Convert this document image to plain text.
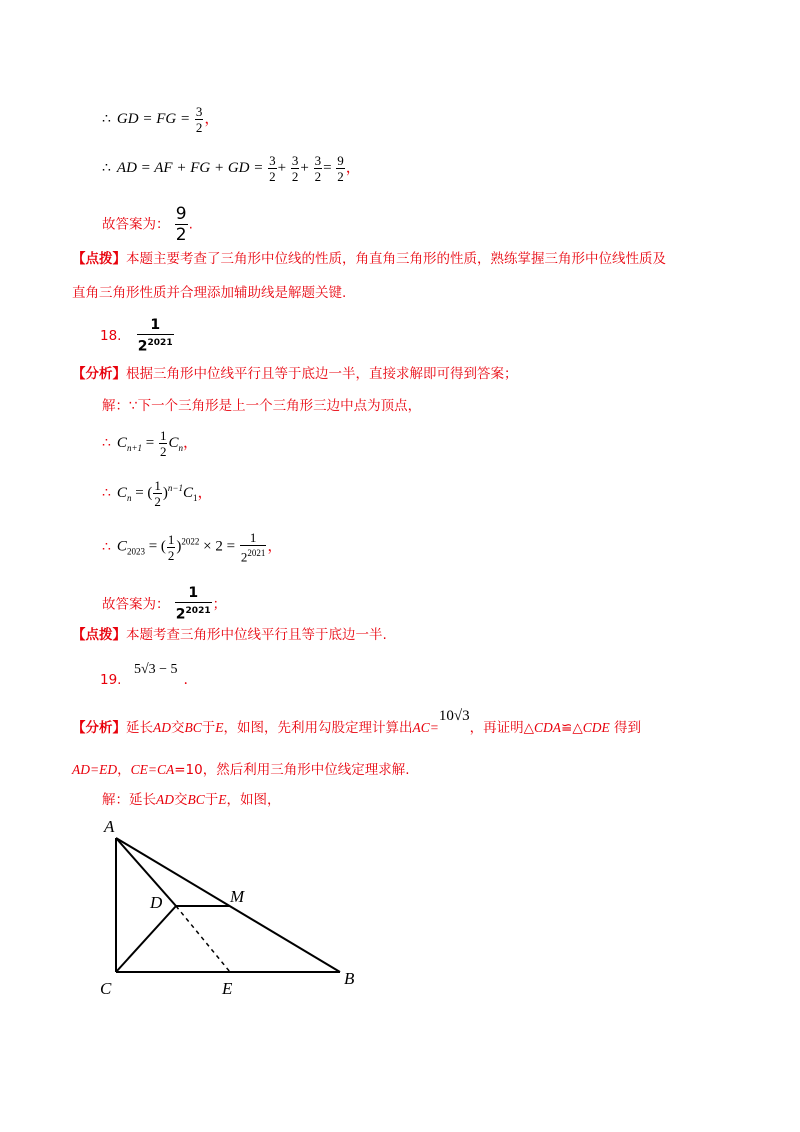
∴ GD = FG = $\frac{3}{2}$ ，
∴ AD = AF + FG + GD = $\frac{3}{2} + \frac{3}{2} + \frac{3}{2} = \frac{9}{2}$ ，
故答案为： $\frac{9}{2}$ .
【点拨】本题主要考查了三角形中位线的性质，角直角三角形的性质，熟练掌握三角形中位线性质及
直角三角形性质并合理添加辅助线是解题关键.
18. $\frac{1}{2^{2021}}$
【分析】根据三角形中位线平行且等于底边一半，直接求解即可得到答案；
解：∵下一个三角形是上一个三角形三边中点为顶点，
∴ $C_{n+1} = \frac{1}{2} C_n$，
∴ $C_n$ = ( $\frac{1}{2} )^{n-1}C_1$，
∴ $C_{2023}$ = ( $\frac{1}{2} )^{2022} \times 2 = \frac{1}{2^{2021}}$ ，
故答案为： $\frac{1}{2^{2021}}$ ；
【点拨】本题考查三角形中位线平行且等于底边一半.
19. 5√3 − 5.
【分析】延长AD交BC于E，如图，先利用勾股定理计算出AC=10√3，再证明△CDA≌△CDE 得到
AD=ED，CE=CA=10，然后利用三角形中位线定理求解.
解：延长AD交BC于E，如图，
A
D	M
C	E
B
